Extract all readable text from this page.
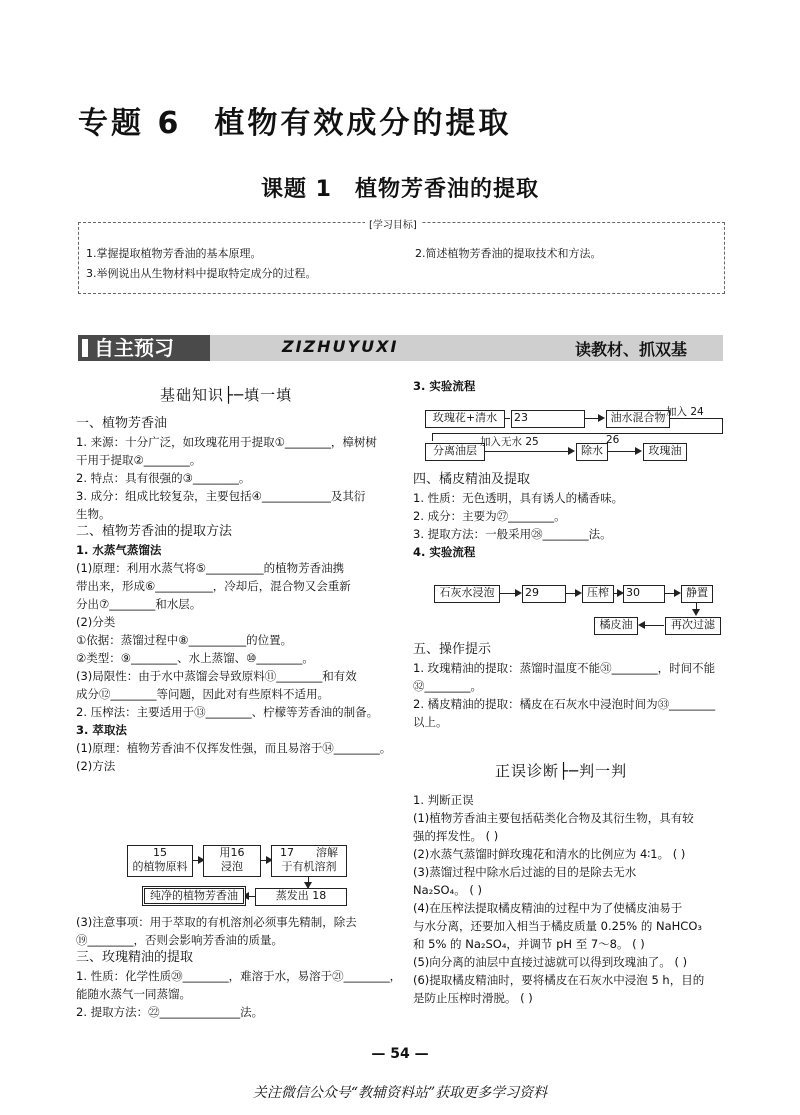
专题 6　植物有效成分的提取
课题 1　植物芳香油的提取
[学习目标]
1.掌握提取植物芳香油的基本原理。	2.简述植物芳香油的提取技术和方法。
3.举例说出从生物材料中提取特定成分的过程。
自主预习	ZIZHUYUXI	读教材、抓双基
基础知识├─填一填
一、植物芳香油
1. 来源：十分广泛，如玫瑰花用于提取①________，樟树树
干用于提取②________。
2. 特点：具有很强的③________。
3. 成分：组成比较复杂，主要包括④____________及其衍
生物。
二、植物芳香油的提取方法
1. 水蒸气蒸馏法
(1)原理：利用水蒸气将⑤__________的植物芳香油携
带出来，形成⑥__________，冷却后，混合物又会重新
分出⑦________和水层。
(2)分类
①依据：蒸馏过程中⑧__________的位置。
②类型：⑨________、水上蒸馏、⑩________。
(3)局限性：由于水中蒸馏会导致原料⑪________和有效
成分⑫________等问题，因此对有些原料不适用。
2. 压榨法：主要适用于⑬________、柠檬等芳香油的制备。
3. 萃取法
(1)原理：植物芳香油不仅挥发性强，而且易溶于⑭________。
(2)方法
15
的植物原料
用16
浸泡
17　　溶解
于有机溶剂
蒸发出 18
纯净的植物芳香油
(3)注意事项：用于萃取的有机溶剂必须事先精制，除去
⑲________，否则会影响芳香油的质量。
三、玫瑰精油的提取
1. 性质：化学性质⑳________，难溶于水，易溶于㉑________，
能随水蒸气一同蒸馏。
2. 提取方法：㉒______________法。
3. 实验流程
玫瑰花+清水	23	油水混合物 加入 24
分离油层
加入无水 25
除水
26
玫瑰油
四、橘皮精油及提取
1. 性质：无色透明，具有诱人的橘香味。
2. 成分：主要为㉗________。
3. 提取方法：一般采用㉘________法。
4. 实验流程
石灰水浸泡	29	压榨	30	静置
再次过滤
橘皮油
五、操作提示
1. 玫瑰精油的提取：蒸馏时温度不能㉛________，时间不能
㉜________。
2. 橘皮精油的提取：橘皮在石灰水中浸泡时间为㉝________
以上。
正误诊断├─判一判
1. 判断正误
(1)植物芳香油主要包括萜类化合物及其衍生物，具有较
强的挥发性。 ( )
(2)水蒸气蒸馏时鲜玫瑰花和清水的比例应为 4∶1。 ( )
(3)蒸馏过程中除水后过滤的目的是除去无水
Na₂SO₄。 ( )
(4)在压榨法提取橘皮精油的过程中为了使橘皮油易于
与水分离，还要加入相当于橘皮质量 0.25% 的 NaHCO₃
和 5% 的 Na₂SO₄，并调节 pH 至 7～8。 ( )
(5)向分离的油层中直接过滤就可以得到玫瑰油了。 ( )
(6)提取橘皮精油时，要将橘皮在石灰水中浸泡 5 h，目的
是防止压榨时滑脱。 ( )
— 54 —
关注微信公众号“教辅资料站”获取更多学习资料
